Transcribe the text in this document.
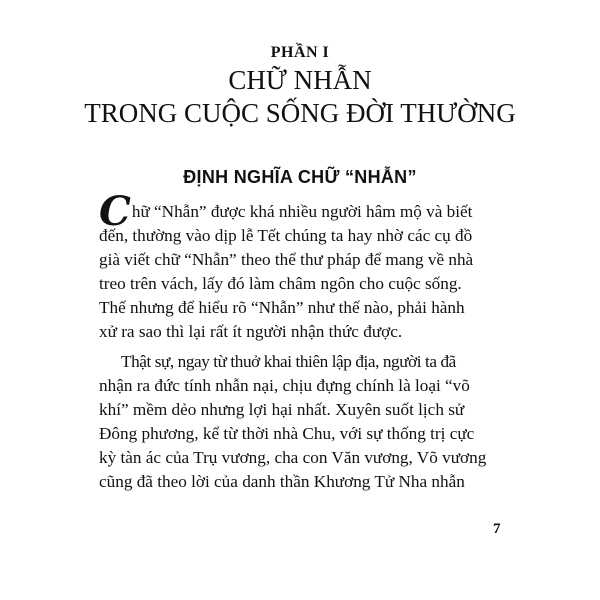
PHẦN I
CHỮ NHẪN
TRONG CUỘC SỐNG ĐỜI THƯỜNG
ĐỊNH NGHĨA CHỮ “NHẪN”
Chữ “Nhẫn” được khá nhiều người hâm mộ và biết
đến, thường vào dịp lễ Tết chúng ta hay nhờ các cụ đồ
già viết chữ “Nhẫn” theo thể thư pháp để mang về nhà
treo trên vách, lấy đó làm châm ngôn cho cuộc sống.
Thế nhưng để hiểu rõ “Nhẫn” như thế nào, phải hành
xử ra sao thì lại rất ít người nhận thức được.
Thật sự, ngay từ thuở khai thiên lập địa, người ta đã
nhận ra đức tính nhẫn nại, chịu đựng chính là loại “võ
khí” mềm dẻo nhưng lợi hại nhất. Xuyên suốt lịch sử
Đông phương, kể từ thời nhà Chu, với sự thống trị cực
kỳ tàn ác của Trụ vương, cha con Văn vương, Võ vương
cũng đã theo lời của danh thần Khương Tử Nha nhẫn
7
